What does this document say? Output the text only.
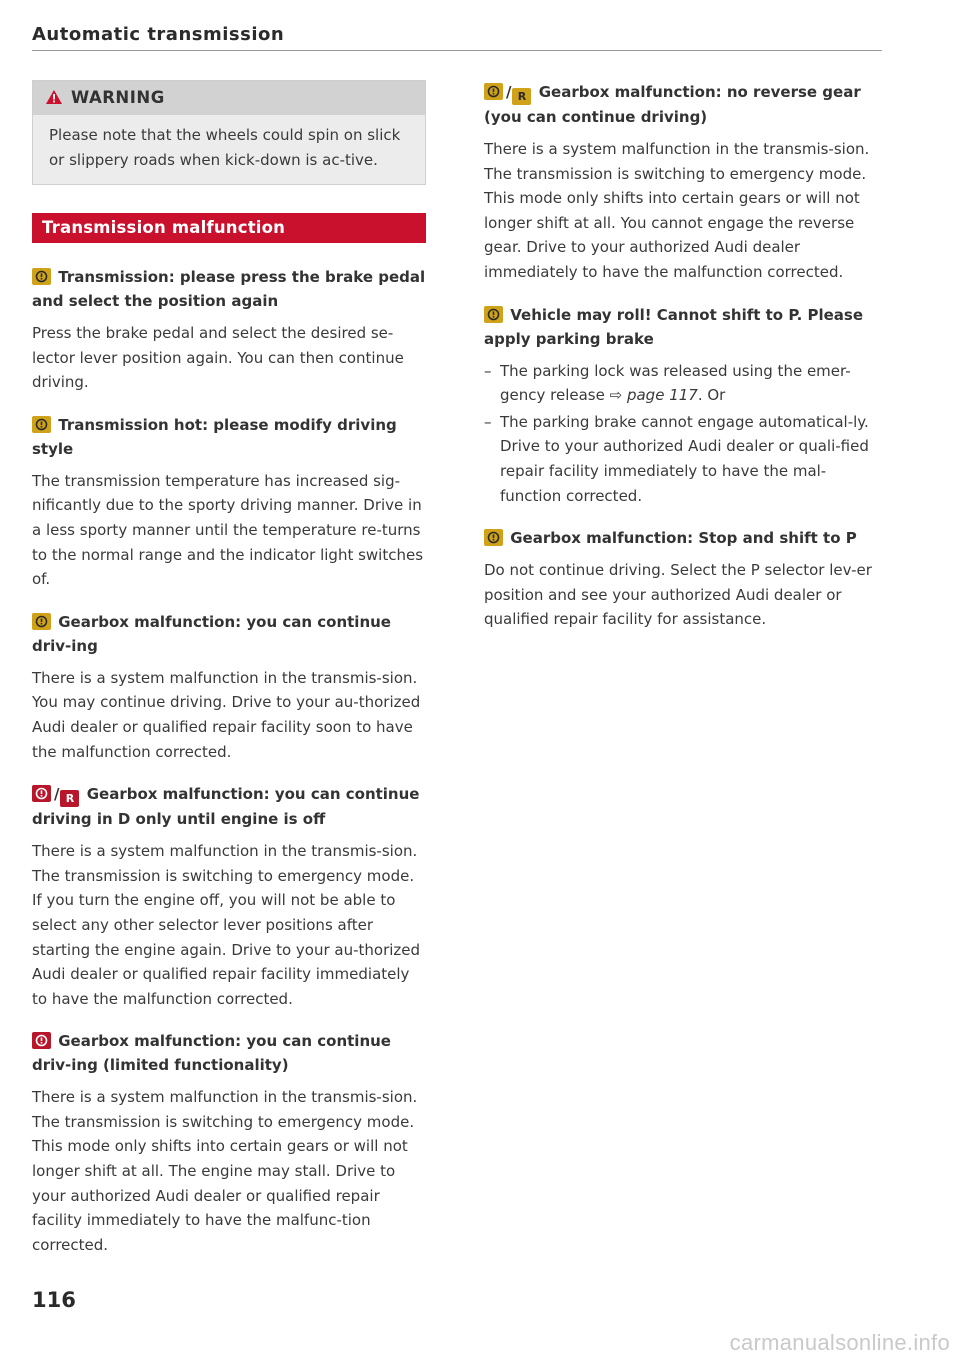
Automatic transmission
WARNING

Please note that the wheels could spin on slick or slippery roads when kick-down is ac-tive.

Transmission malfunction
Transmission: please press the brake pedal and select the position again

Press the brake pedal and select the desired se-lector lever position again. You can then continue driving.

Transmission hot: please modify driving style

The transmission temperature has increased sig-nificantly due to the sporty driving manner. Drive in a less sporty manner until the temperature re-turns to the normal range and the indicator light switches of.

Gearbox malfunction: you can continue driv-ing

There is a system malfunction in the transmis-sion. You may continue driving. Drive to your au-thorized Audi dealer or qualified repair facility soon to have the malfunction corrected.

/ R Gearbox malfunction: you can continue driving in D only until engine is off

There is a system malfunction in the transmis-sion. The transmission is switching to emergency mode. If you turn the engine off, you will not be able to select any other selector lever positions after starting the engine again. Drive to your au-thorized Audi dealer or qualified repair facility immediately to have the malfunction corrected.

Gearbox malfunction: you can continue driv-ing (limited functionality)

There is a system malfunction in the transmis-sion. The transmission is switching to emergency mode. This mode only shifts into certain gears or will not longer shift at all. The engine may stall. Drive to your authorized Audi dealer or qualified repair facility immediately to have the malfunc-tion corrected.

/ R Gearbox malfunction: no reverse gear (you can continue driving)

There is a system malfunction in the transmis-sion. The transmission is switching to emergency mode. This mode only shifts into certain gears or will not longer shift at all. You cannot engage the reverse gear. Drive to your authorized Audi dealer immediately to have the malfunction corrected.

Vehicle may roll! Cannot shift to P. Please apply parking brake
– The parking lock was released using the emer-gency release ⇨ page 117. Or
– The parking brake cannot engage automatical-ly. Drive to your authorized Audi dealer or quali-fied repair facility immediately to have the mal-function corrected.
Gearbox malfunction: Stop and shift to P

Do not continue driving. Select the P selector lev-er position and see your authorized Audi dealer or qualified repair facility for assistance.

116
carmanualsonline.info
